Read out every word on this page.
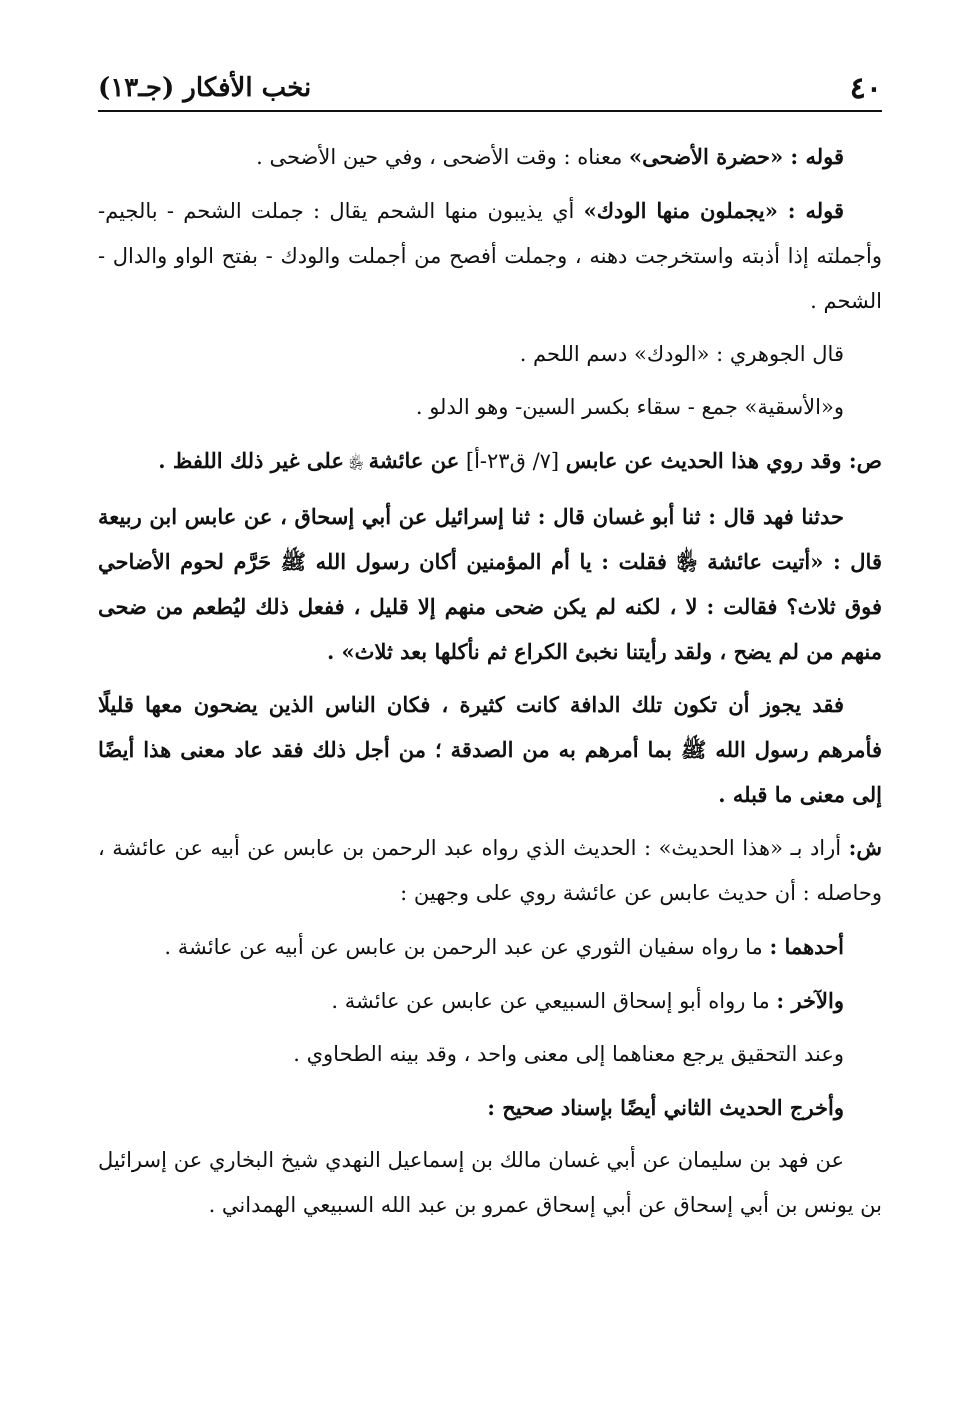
٤٠
نخب الأفكار (جـ١٣)

قوله : «حضرة الأضحى» معناه : وقت الأضحى ، وفي حين الأضحى .

قوله : «يجملون منها الودك» أي يذيبون منها الشحم يقال : جملت الشحم - بالجيم- وأجملته إذا أذبته واستخرجت دهنه ، وجملت أفصح من أجملت والودك - بفتح الواو والدال - الشحم .

قال الجوهري : «الودك» دسم اللحم .

و«الأسقية» جمع - سقاء بكسر السين- وهو الدلو .

ص: وقد روي هذا الحديث عن عابس [٧/ ق٢٣-أ] عن عائشة ﵂ على غير ذلك اللفظ .

حدثنا فهد قال : ثنا أبو غسان قال : ثنا إسرائيل عن أبي إسحاق ، عن عابس ابن ربيعة قال : «أتيت عائشة ﵂ فقلت : يا أم المؤمنين أكان رسول الله ﷺ حَرَّم لحوم الأضاحي فوق ثلاث؟ فقالت : لا ، لكنه لم يكن ضحى منهم إلا قليل ، ففعل ذلك ليُطعم من ضحى منهم من لم يضح ، ولقد رأيتنا نخبئ الكراع ثم نأكلها بعد ثلاث» .

فقد يجوز أن تكون تلك الدافة كانت كثيرة ، فكان الناس الذين يضحون معها قليلًا فأمرهم رسول الله ﷺ بما أمرهم به من الصدقة ؛ من أجل ذلك فقد عاد معنى هذا أيضًا إلى معنى ما قبله .

ش: أراد بـ «هذا الحديث» : الحديث الذي رواه عبد الرحمن بن عابس عن أبيه عن عائشة ، وحاصله : أن حديث عابس عن عائشة روي على وجهين :

أحدهما : ما رواه سفيان الثوري عن عبد الرحمن بن عابس عن أبيه عن عائشة .

والآخر : ما رواه أبو إسحاق السبيعي عن عابس عن عائشة .

وعند التحقيق يرجع معناهما إلى معنى واحد ، وقد بينه الطحاوي .

وأخرج الحديث الثاني أيضًا بإسناد صحيح :

عن فهد بن سليمان عن أبي غسان مالك بن إسماعيل النهدي شيخ البخاري عن إسرائيل بن يونس بن أبي إسحاق عن أبي إسحاق عمرو بن عبد الله السبيعي الهمداني .
